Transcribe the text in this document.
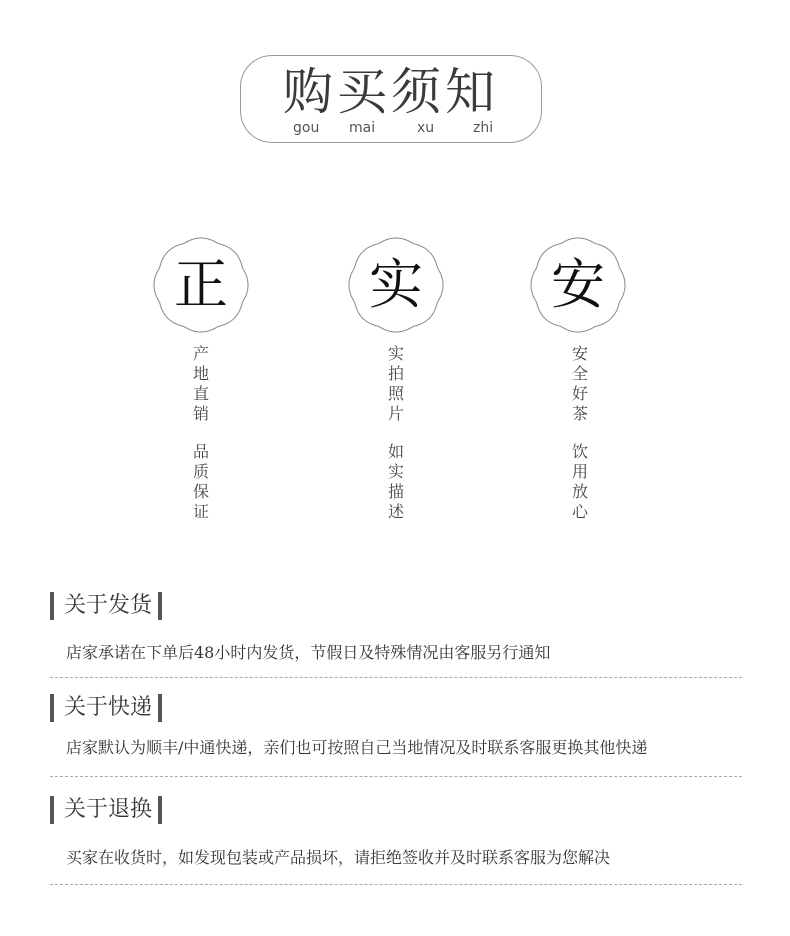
购买须知
gou mai	xu	zhi
正
产
地
直
销
品
质
保
证
实
实
拍
照
片
如
实
描
述
安
安
全
好
茶
饮
用
放
心
关于发货
店家承诺在下单后48小时内发货，节假日及特殊情况由客服另行通知
关于快递
店家默认为顺丰/中通快递，亲们也可按照自己当地情况及时联系客服更换其他快递
关于退换
买家在收货时，如发现包装或产品损坏，请拒绝签收并及时联系客服为您解决
